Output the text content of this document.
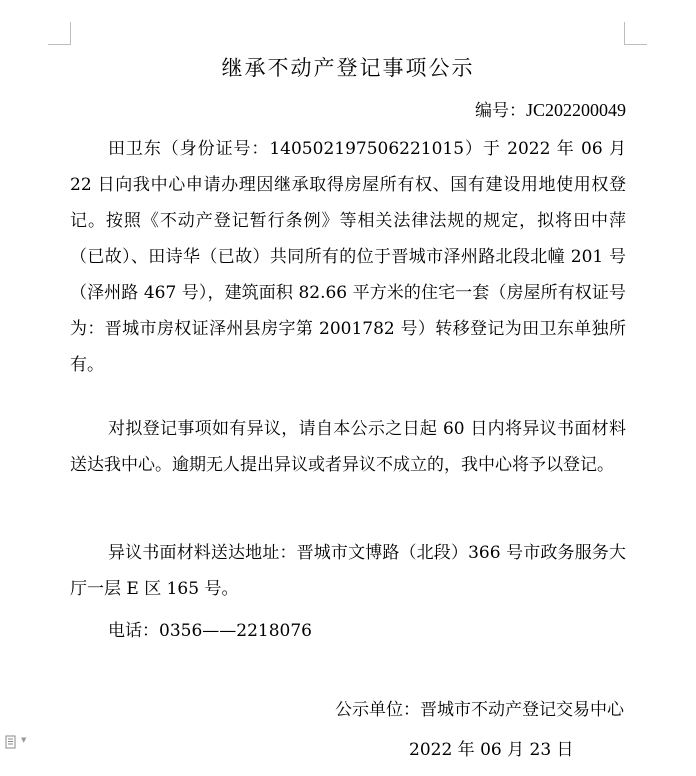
继承不动产登记事项公示
编号：JC202200049

田卫东（身份证号：140502197506221015）于 2022 年 06 月 22 日向我中心申请办理因继承取得房屋所有权、国有建设用地使用权登记。按照《不动产登记暂行条例》等相关法律法规的规定，拟将田中萍（已故）、田诗华（已故）共同所有的位于晋城市泽州路北段北幢 201 号（泽州路 467 号），建筑面积 82.66 平方米的住宅一套（房屋所有权证号为：晋城市房权证泽州县房字第 2001782 号）转移登记为田卫东单独所有。

对拟登记事项如有异议，请自本公示之日起 60 日内将异议书面材料送达我中心。逾期无人提出异议或者异议不成立的，我中心将予以登记。

异议书面材料送达地址：晋城市文博路（北段）366 号市政务服务大厅一层 E 区 165 号。

电话：0356——2218076

公示单位：晋城市不动产登记交易中心
2022 年 06 月 23 日
▼
